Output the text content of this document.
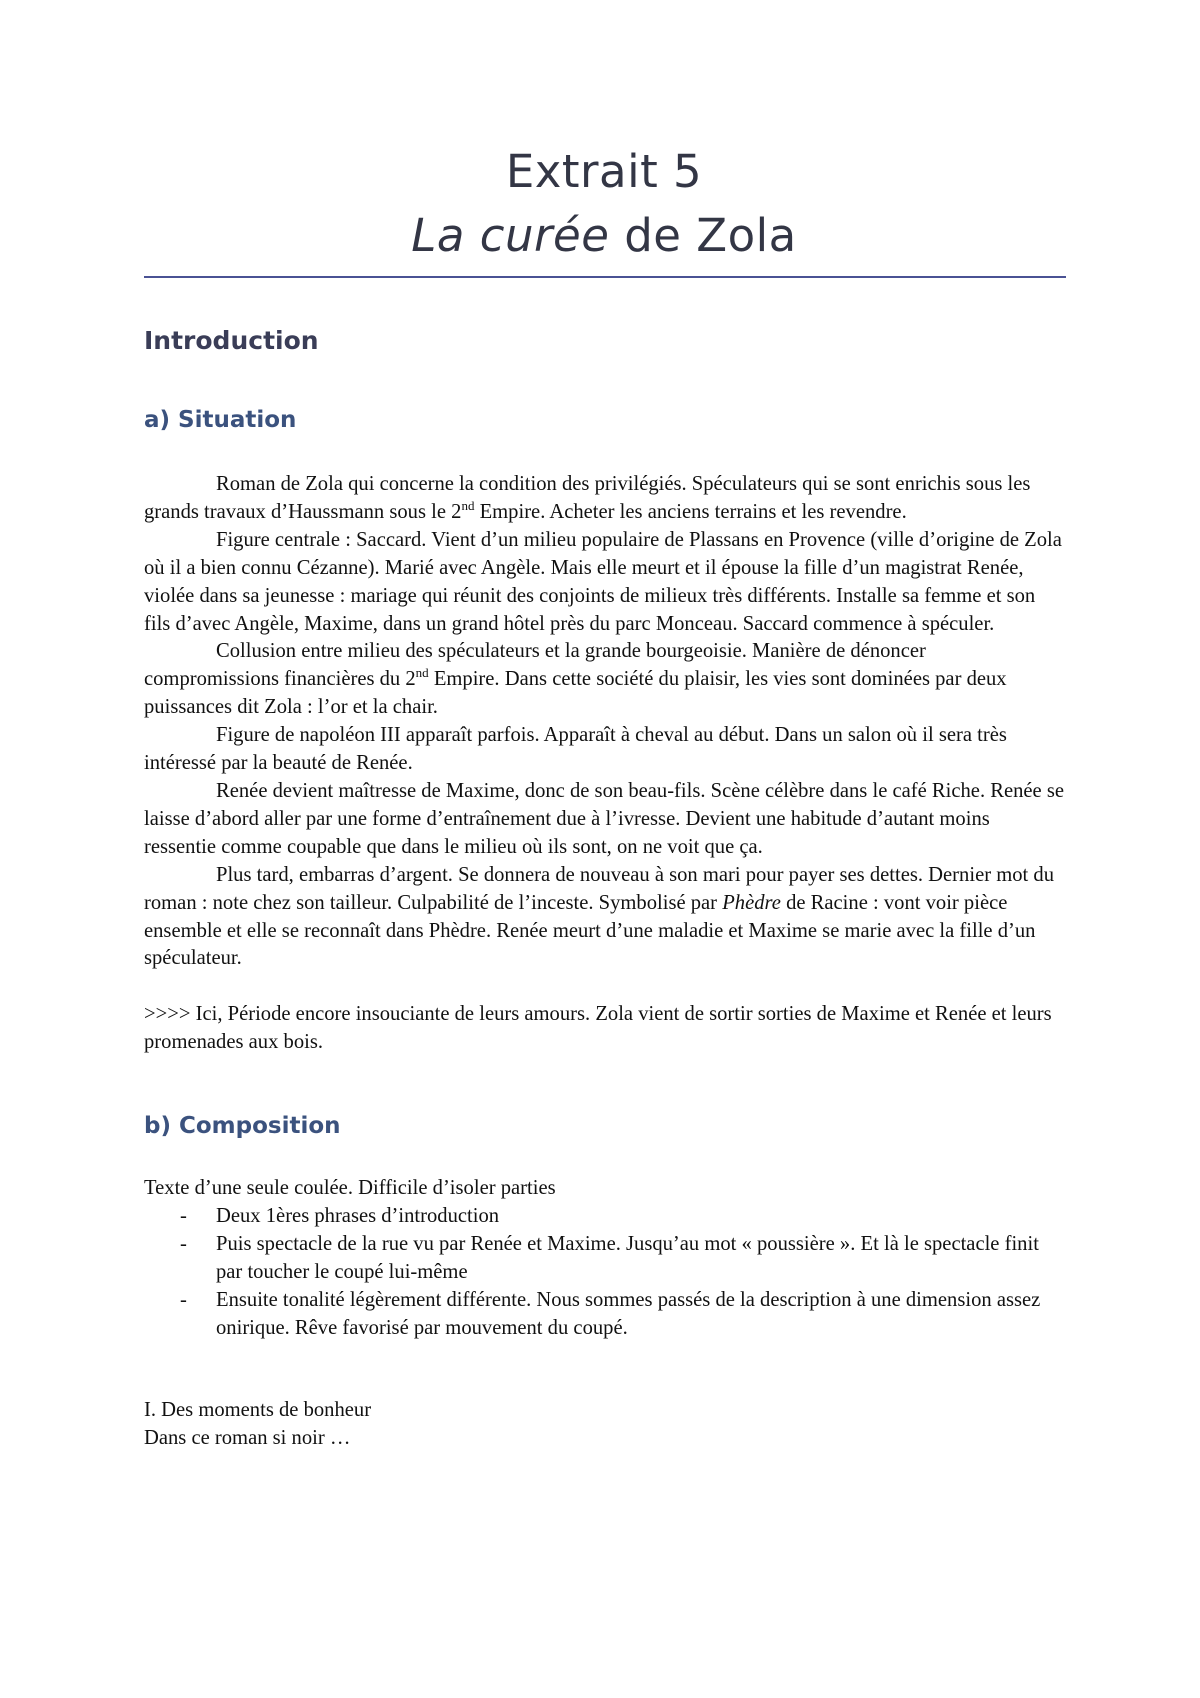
Extrait 5
La curée de Zola
Introduction
a) Situation

Roman de Zola qui concerne la condition des privilégiés. Spéculateurs qui se sont enrichis sous les grands travaux d’Haussmann sous le 2nd Empire. Acheter les anciens terrains et les revendre.

Figure centrale : Saccard. Vient d’un milieu populaire de Plassans en Provence (ville d’origine de Zola où il a bien connu Cézanne). Marié avec Angèle. Mais elle meurt et il épouse la fille d’un magistrat Renée, violée dans sa jeunesse : mariage qui réunit des conjoints de milieux très différents. Installe sa femme et son fils d’avec Angèle, Maxime, dans un grand hôtel près du parc Monceau. Saccard commence à spéculer.

Collusion entre milieu des spéculateurs et la grande bourgeoisie. Manière de dénoncer compromissions financières du 2nd Empire. Dans cette société du plaisir, les vies sont dominées par deux puissances dit Zola : l’or et la chair.

Figure de napoléon III apparaît parfois. Apparaît à cheval au début. Dans un salon où il sera très intéressé par la beauté de Renée.

Renée devient maîtresse de Maxime, donc de son beau-fils. Scène célèbre dans le café Riche. Renée se laisse d’abord aller par une forme d’entraînement due à l’ivresse. Devient une habitude d’autant moins ressentie comme coupable que dans le milieu où ils sont, on ne voit que ça.

Plus tard, embarras d’argent. Se donnera de nouveau à son mari pour payer ses dettes. Dernier mot du roman : note chez son tailleur. Culpabilité de l’inceste. Symbolisé par Phèdre de Racine : vont voir pièce ensemble et elle se reconnaît dans Phèdre. Renée meurt d’une maladie et Maxime se marie avec la fille d’un spéculateur.

>>>> Ici, Période encore insouciante de leurs amours. Zola vient de sortir sorties de Maxime et Renée et leurs promenades aux bois.

b) Composition

Texte d’une seule coulée. Difficile d’isoler parties

- Deux 1ères phrases d’introduction
- Puis spectacle de la rue vu par Renée et Maxime. Jusqu’au mot « poussière ». Et là le spectacle finit par toucher le coupé lui-même
- Ensuite tonalité légèrement différente. Nous sommes passés de la description à une dimension assez onirique. Rêve favorisé par mouvement du coupé.

I. Des moments de bonheur

Dans ce roman si noir …
